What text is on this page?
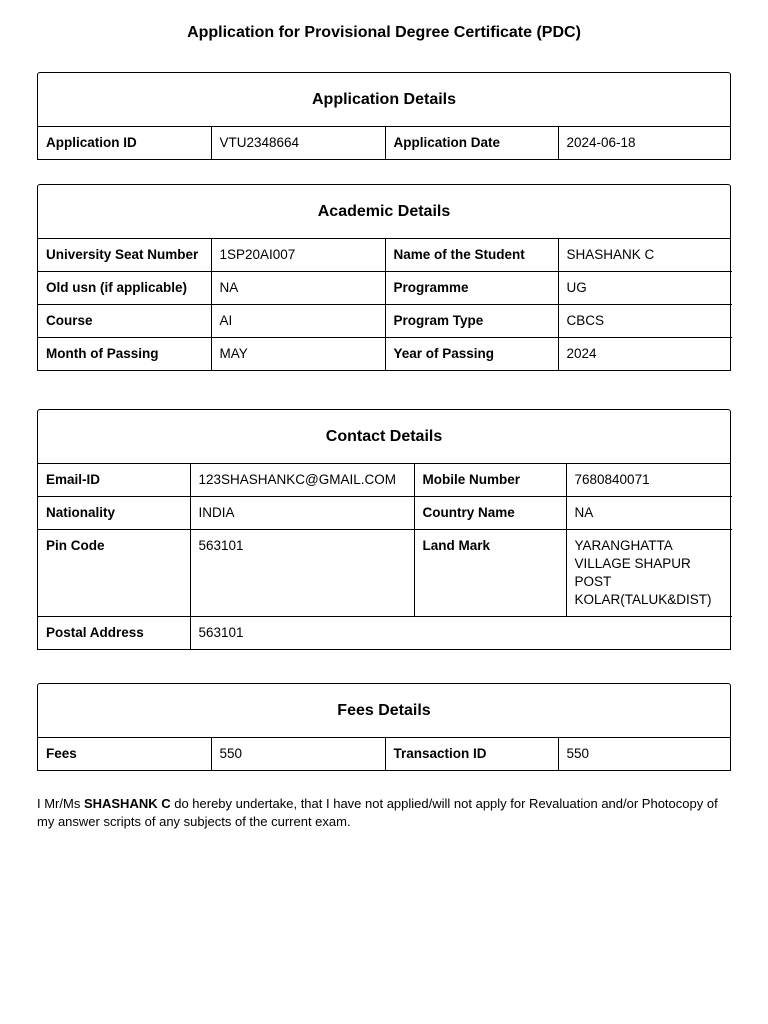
Application for Provisional Degree Certificate (PDC)
Application Details
Application ID	VTU2348664	Application Date	2024-06-18
Academic Details
University Seat Number	1SP20AI007	Name of the Student	SHASHANK C
Old usn (if applicable)	NA	Programme	UG
Course	AI	Program Type	CBCS
Month of Passing	MAY	Year of Passing	2024
Contact Details
Email-ID	123SHASHANKC@GMAIL.COM	Mobile Number	7680840071
Nationality	INDIA	Country Name	NA
Pin Code	563101	Land Mark	YARANGHATTA VILLAGE SHAPUR POST KOLAR(TALUK&DIST)
Postal Address	563101		
Fees Details
Fees	550	Transaction ID	550
I Mr/Ms SHASHANK C do hereby undertake, that I have not applied/will not apply for Revaluation and/or Photocopy of my answer scripts of any subjects of the current exam.
